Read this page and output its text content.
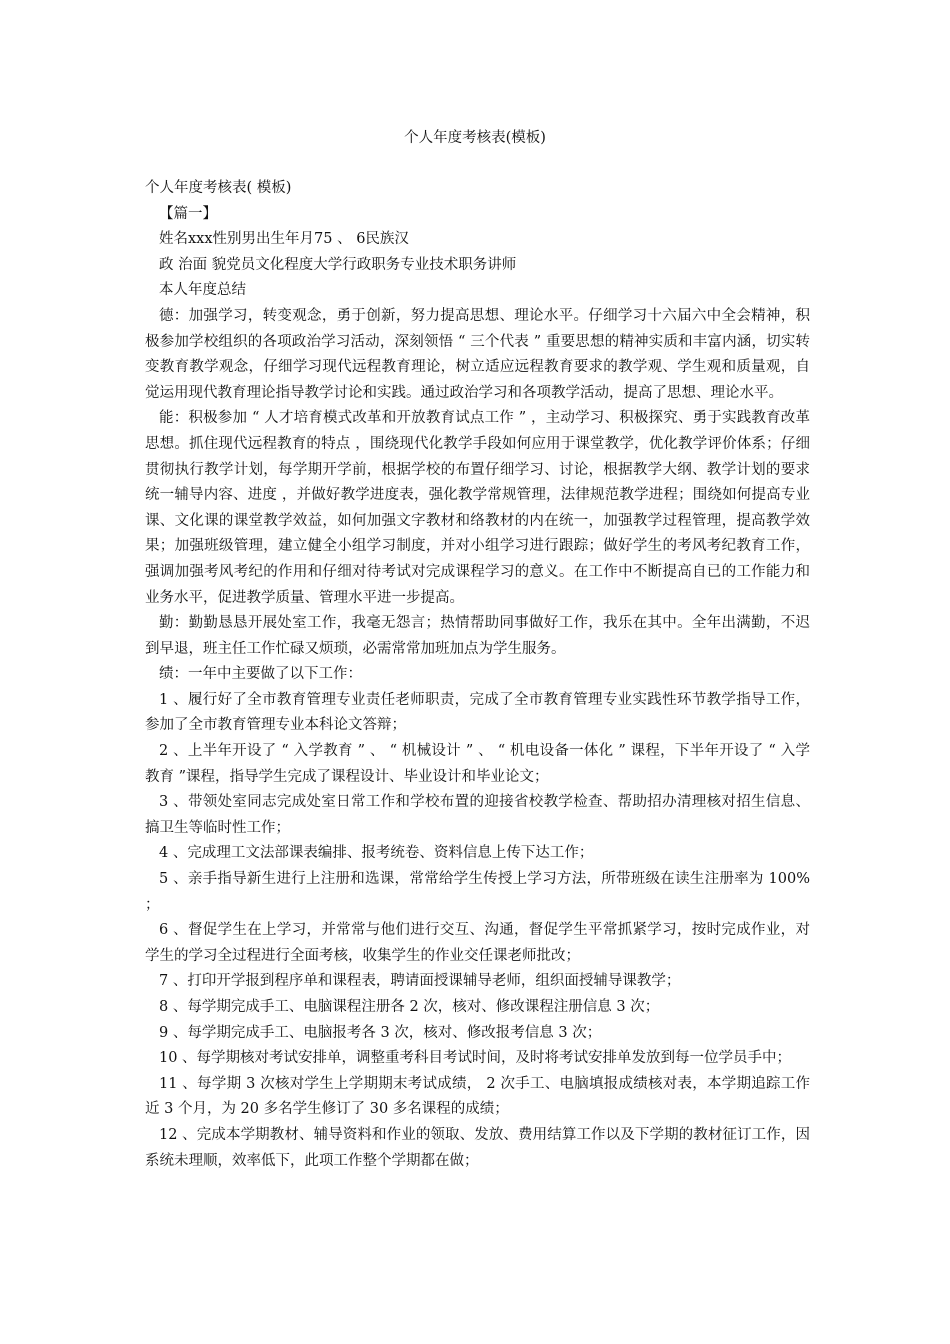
个人年度考核表(模板)

个人年度考核表( 模板)

【篇一】

姓名xxx性别男出生年月75 、 6民族汉

政 治面 貌党员文化程度大学行政职务专业技术职务讲师

本人年度总结

德：加强学习，转变观念，勇于创新，努力提高思想、理论水平。仔细学习十六届六中全会精神，积极参加学校组织的各项政治学习活动，深刻领悟 “ 三个代表 ” 重要思想的精神实质和丰富内涵，切实转变教育教学观念，仔细学习现代远程教育理论，树立适应远程教育要求的教学观、学生观和质量观，自觉运用现代教育理论指导教学讨论和实践。通过政治学习和各项教学活动，提高了思想、理论水平。

能：积极参加 “ 人才培育模式改革和开放教育试点工作 ” ，主动学习、积极探究、勇于实践教育改革思想。抓住现代远程教育的特点 ，围绕现代化教学手段如何应用于课堂教学，优化教学评价体系；仔细贯彻执行教学计划，每学期开学前，根据学校的布置仔细学习、讨论，根据教学大纲、教学计划的要求统一辅导内容、进度 ，并做好教学进度表，强化教学常规管理，法律规范教学进程；围绕如何提高专业课、文化课的课堂教学效益，如何加强文字教材和络教材的内在统一，加强教学过程管理，提高教学效果；加强班级管理，建立健全小组学习制度，并对小组学习进行跟踪；做好学生的考风考纪教育工作，强调加强考风考纪的作用和仔细对待考试对完成课程学习的意义。在工作中不断提高自已的工作能力和业务水平，促进教学质量、管理水平进一步提高。

勤：勤勤恳恳开展处室工作，我毫无怨言；热情帮助同事做好工作，我乐在其中。全年出满勤，不迟到早退，班主任工作忙碌又烦琐，必需常常加班加点为学生服务。

绩：一年中主要做了以下工作：

1 、履行好了全市教育管理专业责任老师职责，完成了全市教育管理专业实践性环节教学指导工作，参加了全市教育管理专业本科论文答辩；

2 、上半年开设了 “ 入学教育 ” 、 “ 机械设计 ” 、 “ 机电设备一体化 ” 课程，下半年开设了 “ 入学教育 ”课程，指导学生完成了课程设计、毕业设计和毕业论文；

3 、带领处室同志完成处室日常工作和学校布置的迎接省校教学检查、帮助招办清理核对招生信息、搞卫生等临时性工作；

4 、完成理工文法部课表编排、报考统卷、资料信息上传下达工作；

5 、亲手指导新生进行上注册和选课，常常给学生传授上学习方法，所带班级在读生注册率为 100% ；

6 、督促学生在上学习，并常常与他们进行交互、沟通，督促学生平常抓紧学习，按时完成作业，对学生的学习全过程进行全面考核，收集学生的作业交任课老师批改；

7 、打印开学报到程序单和课程表，聘请面授课辅导老师，组织面授辅导课教学；

8 、每学期完成手工、电脑课程注册各 2 次，核对、修改课程注册信息 3 次；

9 、每学期完成手工、电脑报考各 3 次，核对、修改报考信息 3 次；

10 、每学期核对考试安排单，调整重考科目考试时间，及时将考试安排单发放到每一位学员手中；

11 、每学期 3 次核对学生上学期期末考试成绩， 2 次手工、电脑填报成绩核对表，本学期追踪工作近 3 个月，为 20 多名学生修订了 30 多名课程的成绩；

12 、完成本学期教材、辅导资料和作业的领取、发放、费用结算工作以及下学期的教材征订工作，因系统未理顺，效率低下，此项工作整个学期都在做；
